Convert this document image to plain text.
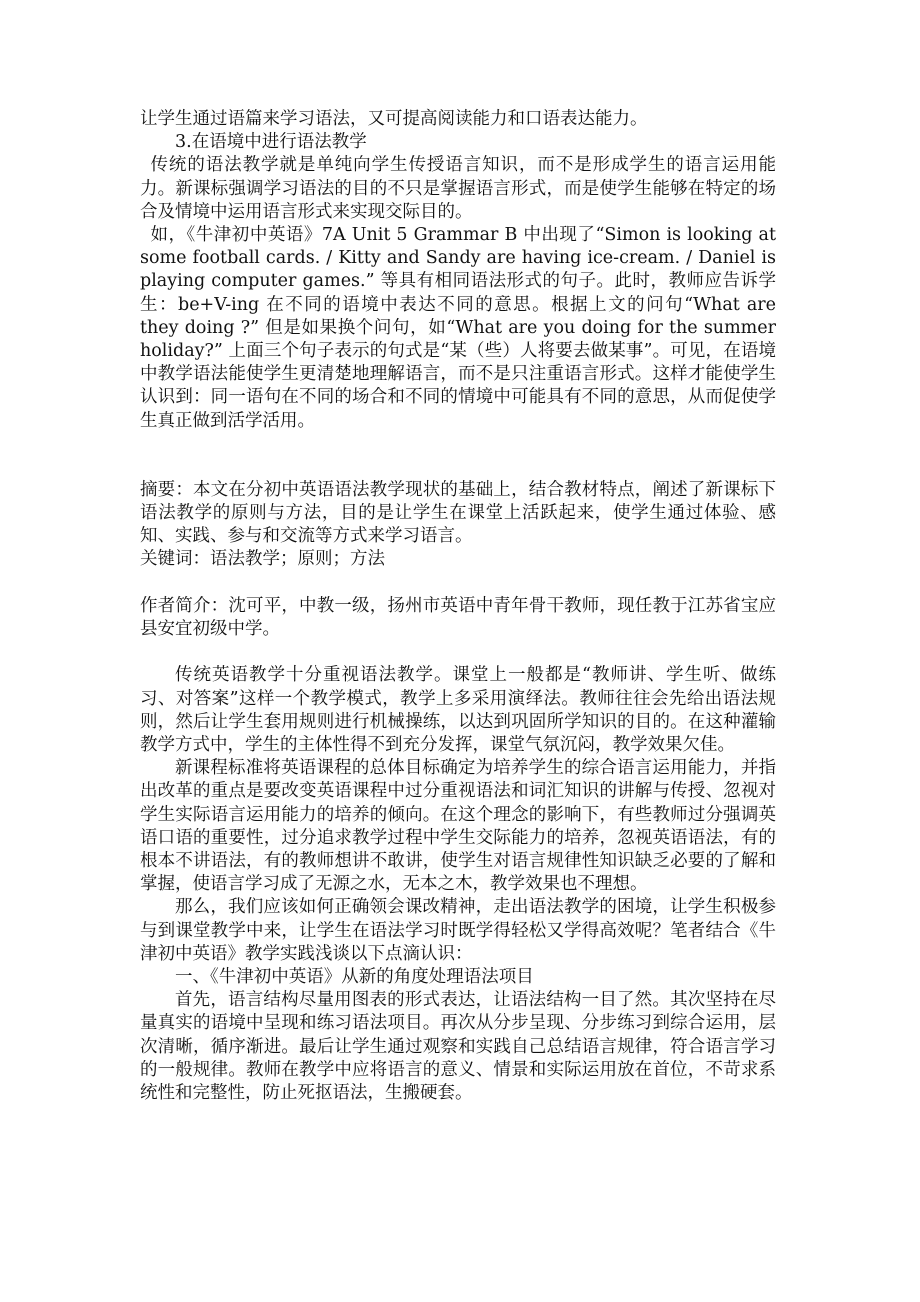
让学生通过语篇来学习语法，又可提高阅读能力和口语表达能力。

3.在语境中进行语法教学

传统的语法教学就是单纯向学生传授语言知识，而不是形成学生的语言运用能力。新课标强调学习语法的目的不只是掌握语言形式，而是使学生能够在特定的场合及情境中运用语言形式来实现交际目的。

如，《牛津初中英语》7A Unit 5 Grammar B 中出现了“Simon is looking at some football cards. / Kitty and Sandy are having ice-cream. / Daniel is playing computer games.” 等具有相同语法形式的句子。此时，教师应告诉学生：be+V-ing 在不同的语境中表达不同的意思。根据上文的问句“What are they doing ?” 但是如果换个问句，如“What are you doing for the summer holiday?” 上面三个句子表示的句式是“某（些）人将要去做某事”。可见，在语境中教学语法能使学生更清楚地理解语言，而不是只注重语言形式。这样才能使学生认识到：同一语句在不同的场合和不同的情境中可能具有不同的意思，从而促使学生真正做到活学活用。

摘要：本文在分初中英语语法教学现状的基础上，结合教材特点，阐述了新课标下语法教学的原则与方法，目的是让学生在课堂上活跃起来，使学生通过体验、感知、实践、参与和交流等方式来学习语言。

关键词：语法教学；原则；方法

作者简介：沈可平，中教一级，扬州市英语中青年骨干教师，现任教于江苏省宝应县安宜初级中学。

传统英语教学十分重视语法教学。课堂上一般都是“教师讲、学生听、做练习、对答案”这样一个教学模式，教学上多采用演绎法。教师往往会先给出语法规则，然后让学生套用规则进行机械操练，以达到巩固所学知识的目的。在这种灌输教学方式中，学生的主体性得不到充分发挥，课堂气氛沉闷，教学效果欠佳。

新课程标准将英语课程的总体目标确定为培养学生的综合语言运用能力，并指出改革的重点是要改变英语课程中过分重视语法和词汇知识的讲解与传授、忽视对学生实际语言运用能力的培养的倾向。在这个理念的影响下，有些教师过分强调英语口语的重要性，过分追求教学过程中学生交际能力的培养，忽视英语语法，有的根本不讲语法，有的教师想讲不敢讲，使学生对语言规律性知识缺乏必要的了解和掌握，使语言学习成了无源之水，无本之木，教学效果也不理想。

那么，我们应该如何正确领会课改精神，走出语法教学的困境，让学生积极参与到课堂教学中来，让学生在语法学习时既学得轻松又学得高效呢？笔者结合《牛津初中英语》教学实践浅谈以下点滴认识：

一、《牛津初中英语》从新的角度处理语法项目

首先，语言结构尽量用图表的形式表达，让语法结构一目了然。其次坚持在尽量真实的语境中呈现和练习语法项目。再次从分步呈现、分步练习到综合运用，层次清晰，循序渐进。最后让学生通过观察和实践自己总结语言规律，符合语言学习的一般规律。教师在教学中应将语言的意义、情景和实际运用放在首位，不苛求系统性和完整性，防止死抠语法，生搬硬套。
